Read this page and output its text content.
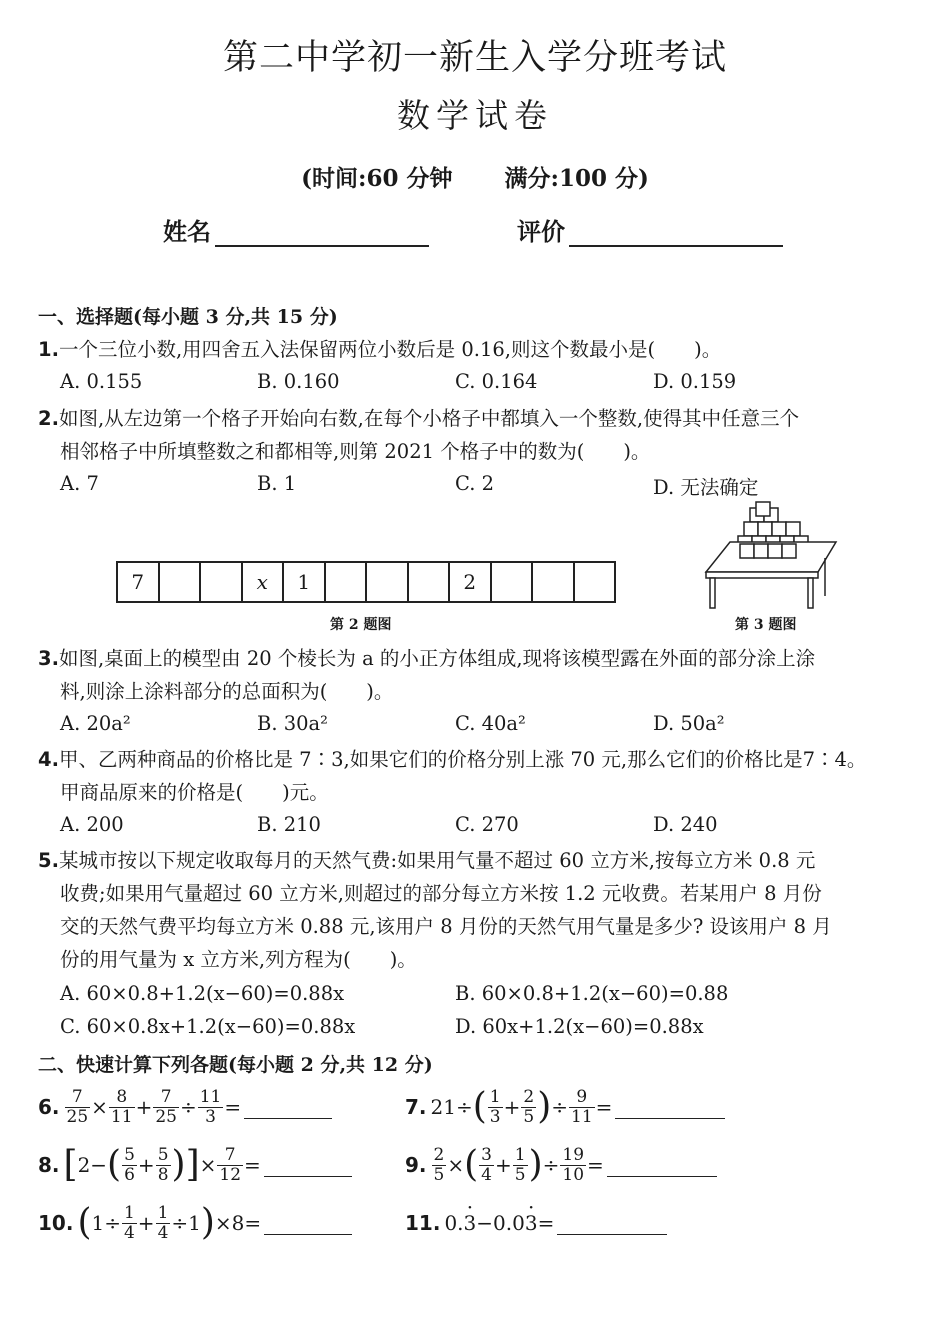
第二中学初一新生入学分班考试
数学试卷
(时间:60 分钟 满分:100 分)
姓名	评价
一、选择题(每小题 3 分,共 15 分)
1.一个三位小数,用四舍五入法保留两位小数后是 0.16,则这个数最小是(　　)。
A. 0.155	B. 0.160	C. 0.164	D. 0.159
2.如图,从左边第一个格子开始向右数,在每个小格子中都填入一个整数,使得其中任意三个
相邻格子中所填整数之和都相等,则第 2021 个格子中的数为(　　)。
A. 7	B. 1	C. 2	D. 无法确定
7	x	1	2
第 2 题图	第 3 题图
3.如图,桌面上的模型由 20 个棱长为 a 的小正方体组成,现将该模型露在外面的部分涂上涂
料,则涂上涂料部分的总面积为(　　)。
A. 20a²	B. 30a²	C. 40a²	D. 50a²
4.甲、乙两种商品的价格比是 7∶3,如果它们的价格分别上涨 70 元,那么它们的价格比是7∶4。
甲商品原来的价格是(　　)元。
A. 200	B. 210	C. 270	D. 240
5.某城市按以下规定收取每月的天然气费:如果用气量不超过 60 立方米,按每立方米 0.8 元
收费;如果用气量超过 60 立方米,则超过的部分每立方米按 1.2 元收费。若某用户 8 月份
交的天然气费平均每立方米 0.88 元,该用户 8 月份的天然气用气量是多少? 设该用户 8 月
份的用气量为 x 立方米,列方程为(　　)。
A. 60×0.8+1.2(x−60)=0.88x	B. 60×0.8+1.2(x−60)=0.88
C. 60×0.8x+1.2(x−60)=0.88x	D. 60x+1.2(x−60)=0.88x
二、快速计算下列各题(每小题 2 分,共 12 分)
6. $\frac{7}{25} \times \frac{8}{11} + \frac{7}{25} \div \frac{11}{3}$ =	7. 21÷ ( $\frac{1}{3} + \frac{2}{5}$ ) ÷ $\frac{9}{11}$ =
8. [ 2− ( $\frac{5}{6} + \frac{5}{8}$ ) ] × $\frac{7}{12}$ =	9. $\frac{2}{5}$ × ( $\frac{3}{4} + \frac{1}{5}$ ) ÷ $\frac{19}{10}$ =
10. ( $1\div \frac{1}{4} + \frac{1}{4} \div 1$ ) ×8=	11. 0. 3 · −0.0 3 · =
